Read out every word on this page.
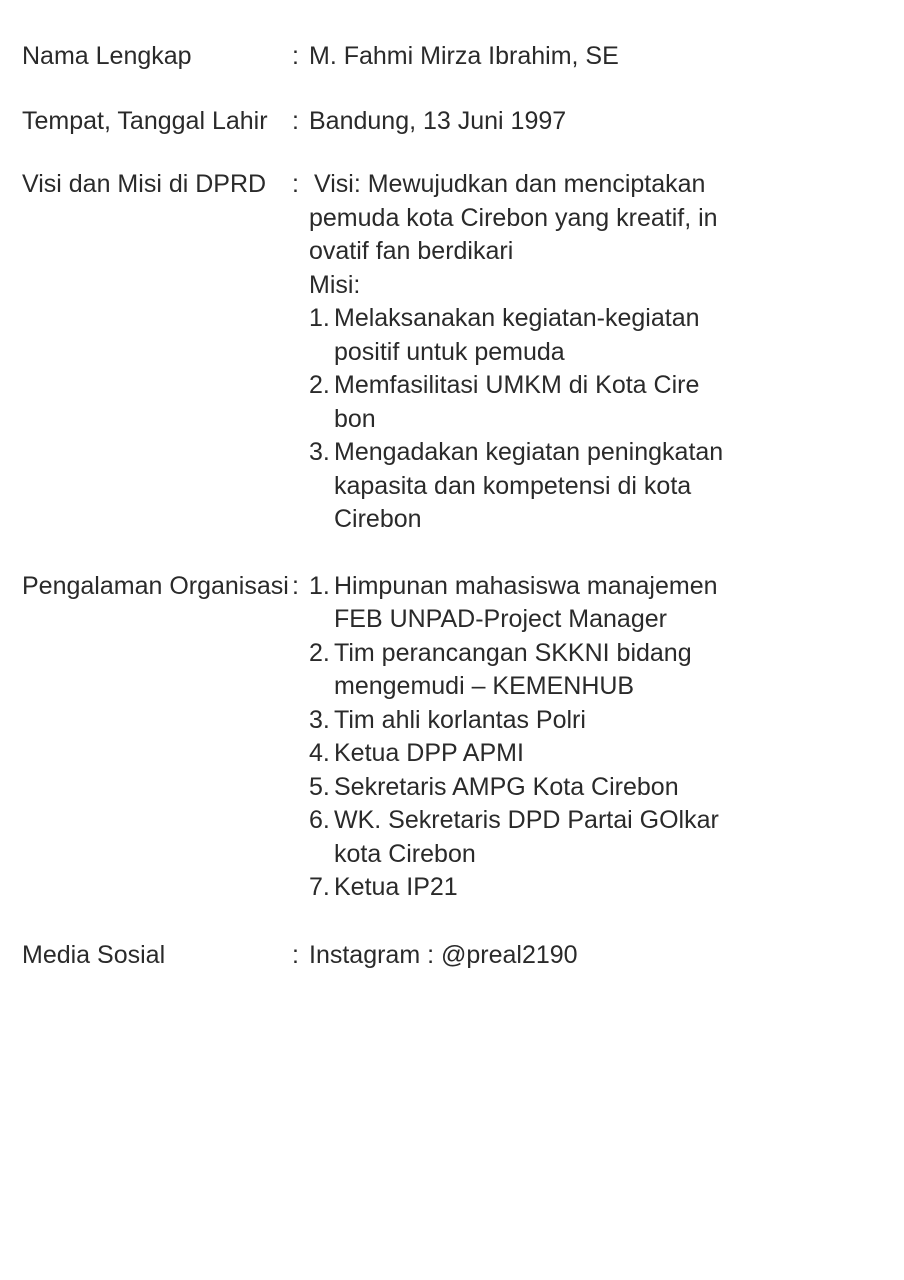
Nama Lengkap	: M. Fahmi Mirza Ibrahim, SE
Tempat, Tanggal Lahir : Bandung, 13 Juni 1997
Visi dan Misi di DPRD	: Visi: Mewujudkan dan menciptakan
pemuda kota Cirebon yang kreatif, in
ovatif fan berdikari
Misi:
1. Melaksanakan kegiatan-kegiatan
positif untuk pemuda
2. Memfasilitasi UMKM di Kota Cire
bon
3. Mengadakan kegiatan peningkatan
kapasita dan kompetensi di kota
Cirebon
Pengalaman Organisasi : 1. Himpunan mahasiswa manajemen
FEB UNPAD-Project Manager
2. Tim perancangan SKKNI bidang
mengemudi – KEMENHUB
3. Tim ahli korlantas Polri
4. Ketua DPP APMI
5. Sekretaris AMPG Kota Cirebon
6. WK. Sekretaris DPD Partai GOlkar
kota Cirebon
7. Ketua IP21
Media Sosial	: Instagram : @preal2190
